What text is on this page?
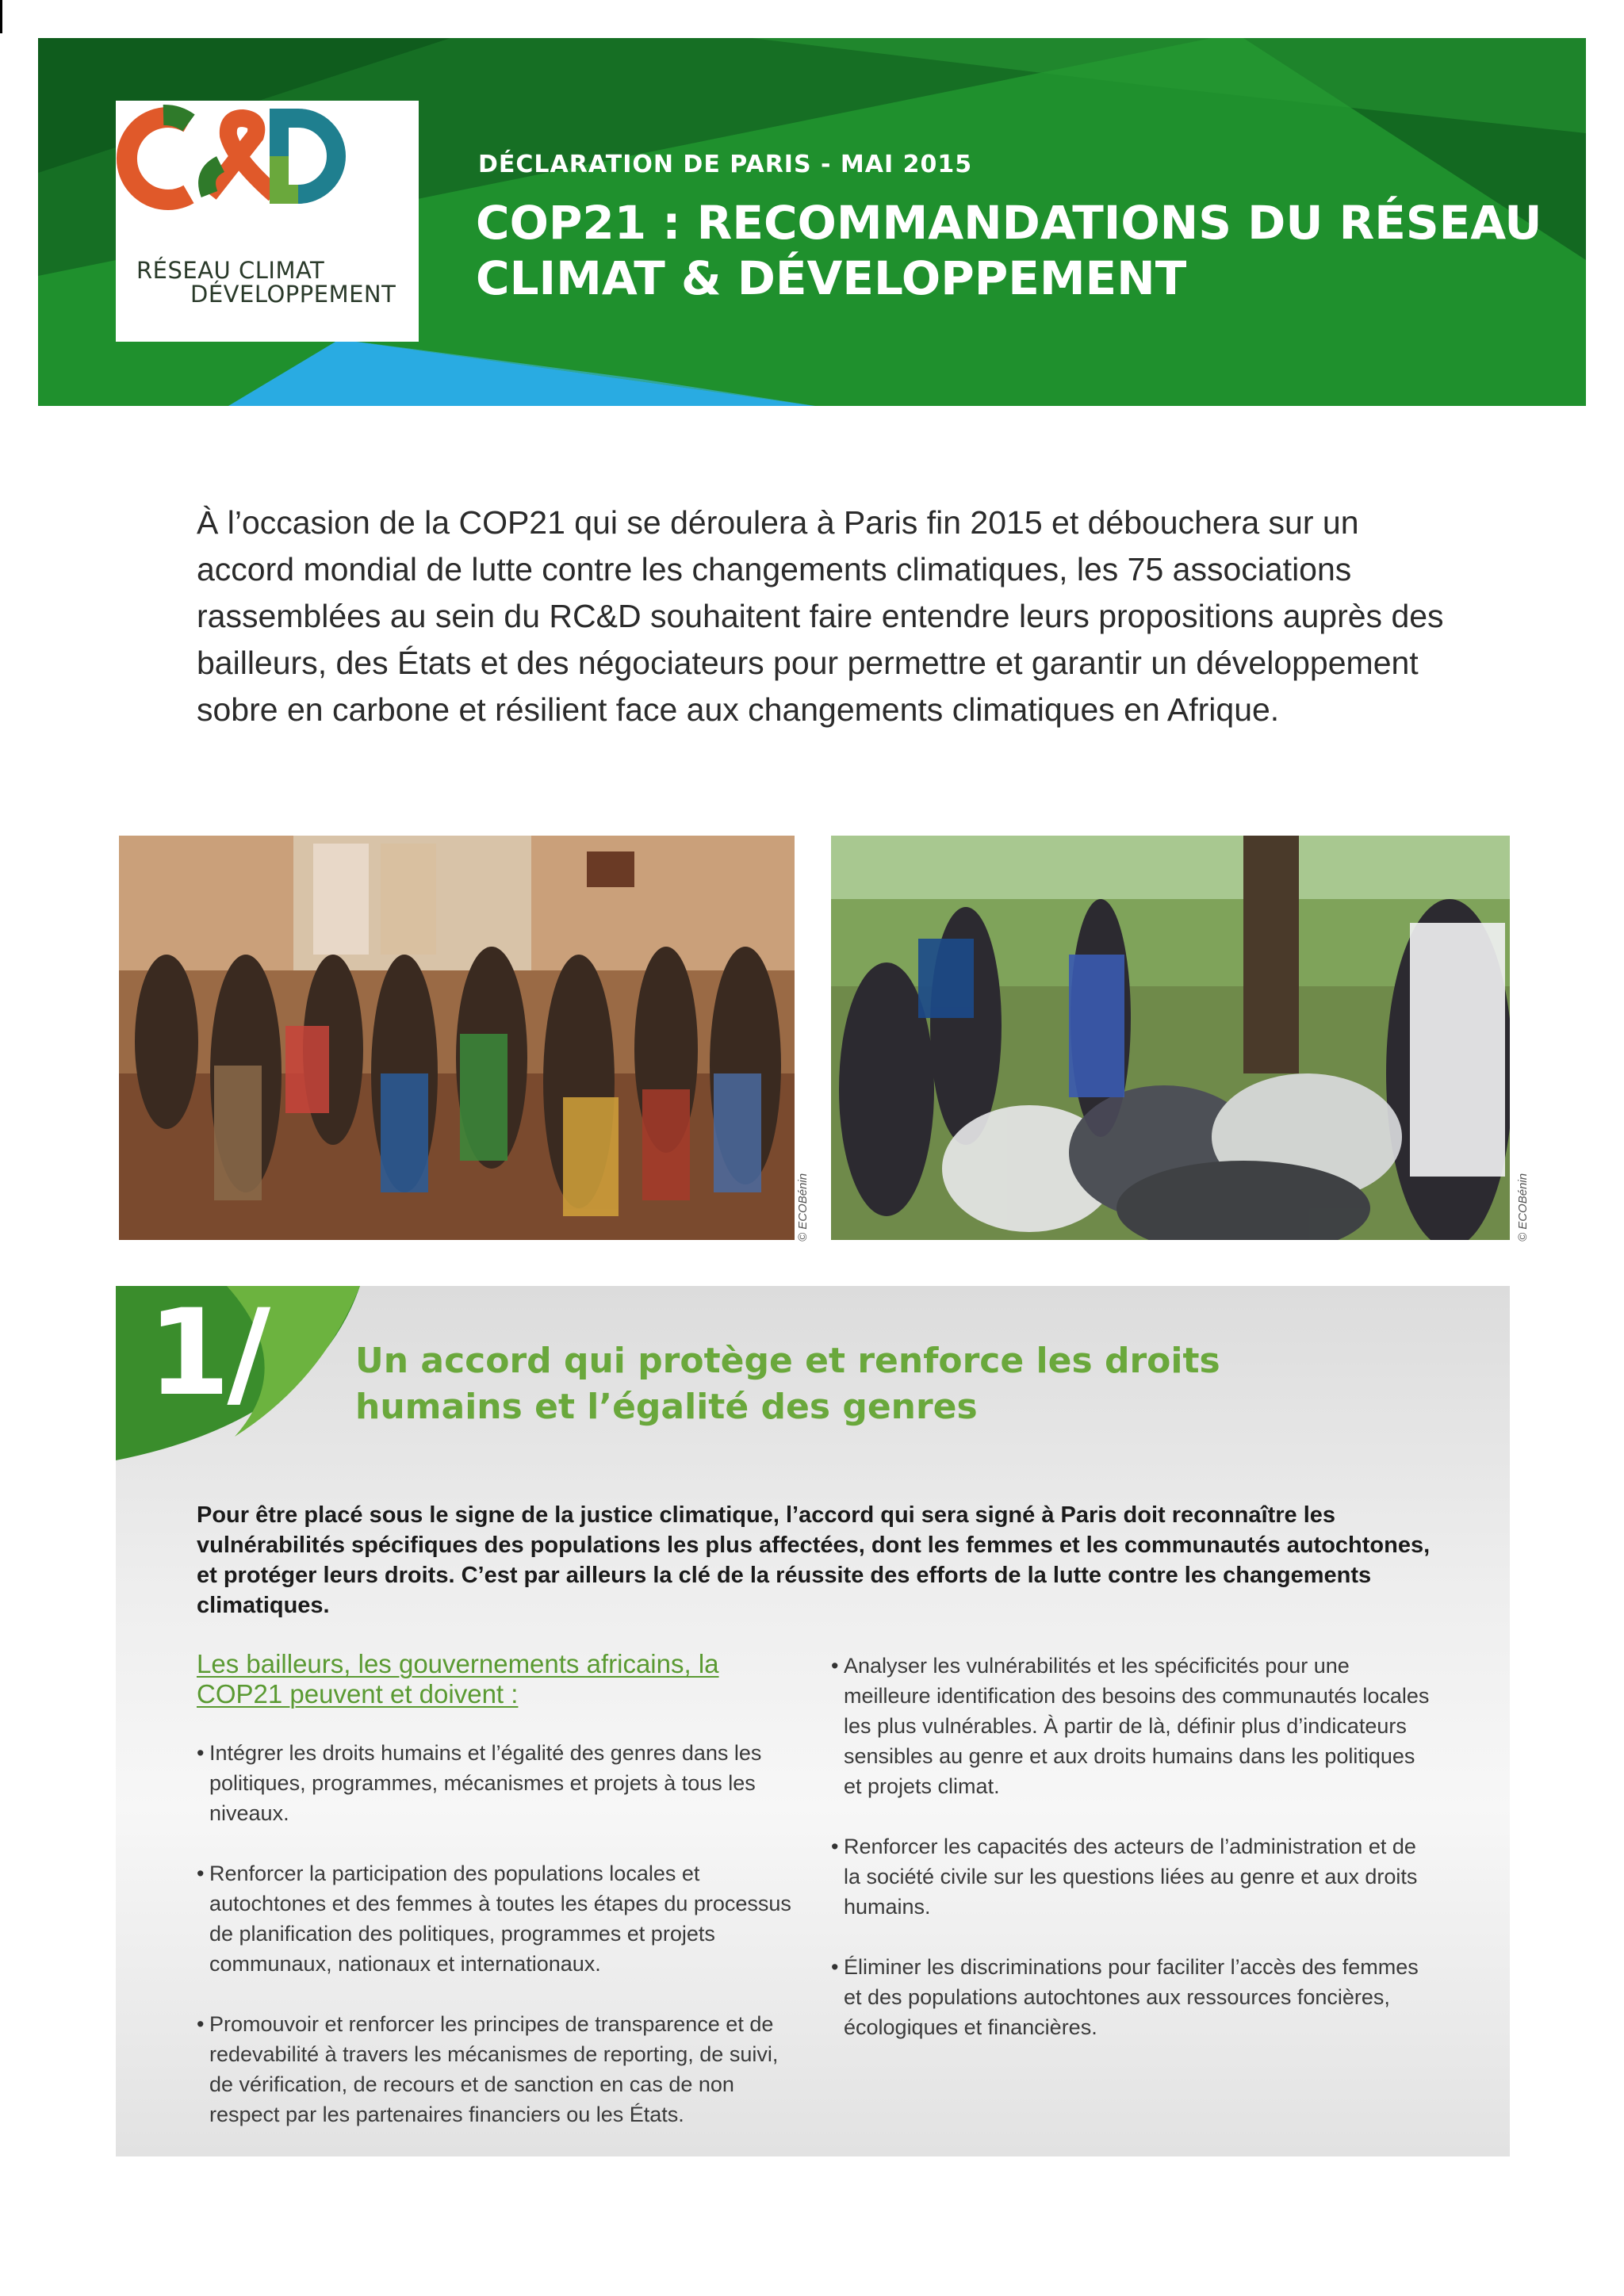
RÉSEAU CLIMAT
DÉVELOPPEMENT
DÉCLARATION DE PARIS - MAI 2015
COP21 : RECOMMANDATIONS DU RÉSEAU CLIMAT & DÉVELOPPEMENT

À l’occasion de la COP21 qui se déroulera à Paris fin 2015 et débouchera sur un accord mondial de lutte contre les changements climatiques, les 75 associations rassemblées au sein du RC&D souhaitent faire entendre leurs propositions auprès des bailleurs, des États et des négociateurs pour permettre et garantir un développement sobre en carbone et résilient face aux changements climatiques en Afrique.

© ECOBénin	© ECOBénin
1/	Un accord qui protège et renforce les droits humains et l’égalité des genres

Pour être placé sous le signe de la justice climatique, l’accord qui sera signé à Paris doit reconnaître les vulnérabilités spécifiques des populations les plus affectées, dont les femmes et les communautés autochtones, et protéger leurs droits. C’est par ailleurs la clé de la réussite des efforts de la lutte contre les changements climatiques.

Les bailleurs, les gouvernements africains, la COP21 peuvent et doivent :

• Intégrer les droits humains et l’égalité des genres dans les politiques, programmes, mécanismes et projets à tous les niveaux.
• Renforcer la participation des populations locales et autochtones et des femmes à toutes les étapes du processus de planification des politiques, programmes et projets communaux, nationaux et internationaux.
• Promouvoir et renforcer les principes de transparence et de redevabilité à travers les mécanismes de reporting, de suivi, de vérification, de recours et de sanction en cas de non respect par les partenaires financiers ou les États.
• Analyser les vulnérabilités et les spécificités pour une meilleure identification des besoins des communautés locales les plus vulnérables. À partir de là, définir plus d’indicateurs sensibles au genre et aux droits humains dans les politiques et projets climat.
• Renforcer les capacités des acteurs de l’administration et de la société civile sur les questions liées au genre et aux droits humains.
• Éliminer les discriminations pour faciliter l’accès des femmes et des populations autochtones aux ressources foncières, écologiques et financières.
